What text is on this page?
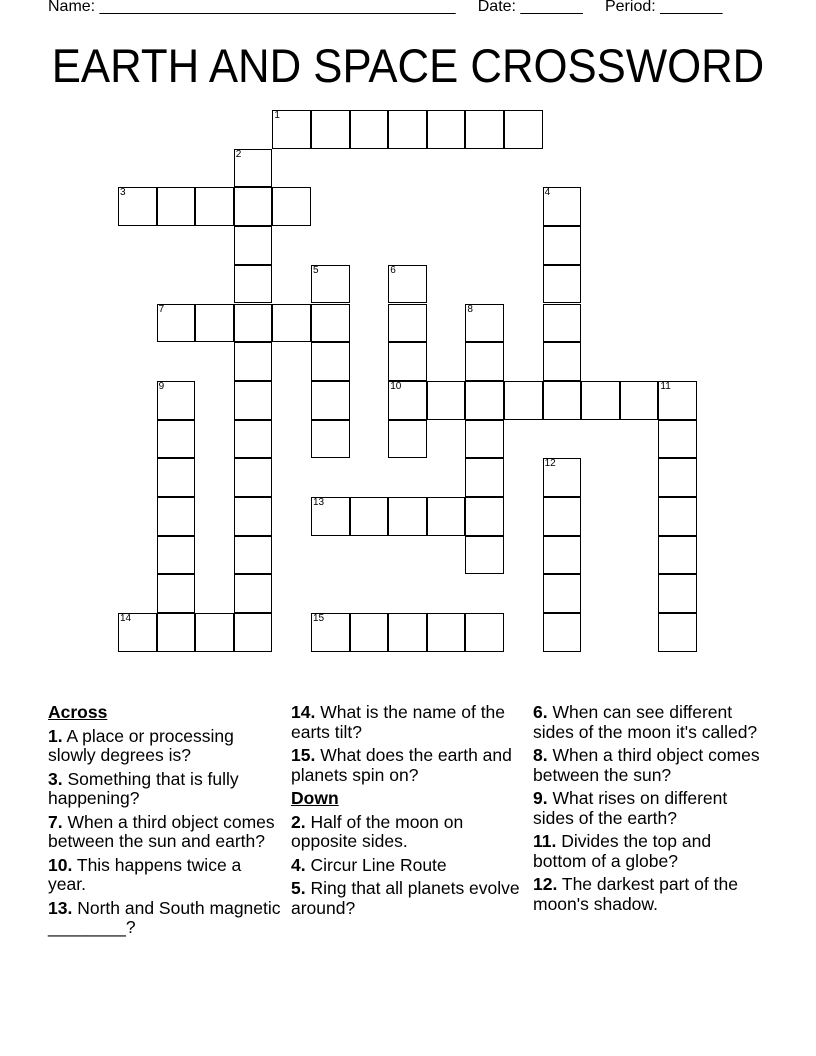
Name: ________________________________________ Date: _______ Period: _______
EARTH AND SPACE CROSSWORD
1
2
3	4
5	6
10
7	8
9	11
12
13
14	15
Across
1. A place or processing slowly degrees is?
3. Something that is fully happening?
7. When a third object comes between the sun and earth?
10. This happens twice a year.
13. North and South magnetic ________?
14. What is the name of the earts tilt?
15. What does the earth and planets spin on?
Down
2. Half of the moon on opposite sides.
4. Circur Line Route
5. Ring that all planets evolve around?
6. When can see different sides of the moon it's called?
8. When a third object comes between the sun?
9. What rises on different sides of the earth?
11. Divides the top and bottom of a globe?
12. The darkest part of the moon's shadow.
